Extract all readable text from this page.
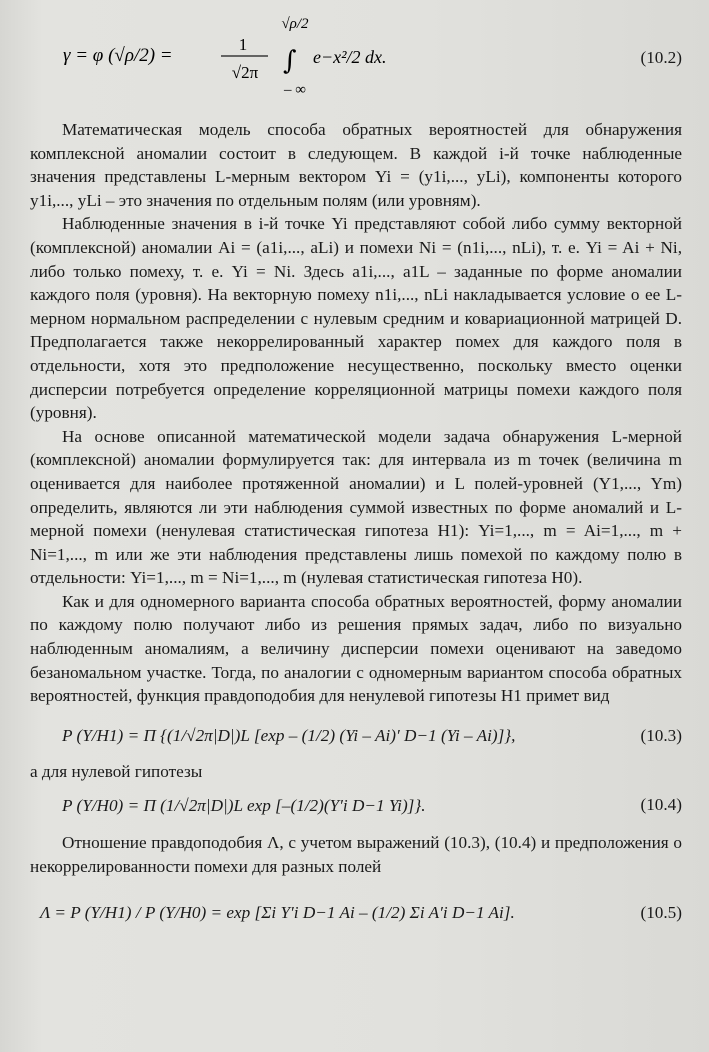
γ = φ (√ρ/2) =
1
√2π
√ρ/2
∫
– ∞
e−x²/2 dx.	(10.2)

Математическая модель способа обратных вероятностей для обнаружения комплексной аномалии состоит в следующем. В каждой i-й точке наблюденные значения представлены L-мерным вектором Yi = (y1i,..., yLi), компоненты которого y1i,..., yLi – это значения по отдельным полям (или уровням).

Наблюденные значения в i-й точке Yi представляют собой либо сумму векторной (комплексной) аномалии Ai = (a1i,..., aLi) и помехи Ni = (n1i,..., nLi), т. е. Yi = Ai + Ni, либо только помеху, т. е. Yi = Ni. Здесь a1i,..., a1L – заданные по форме аномалии каждого поля (уровня). На векторную помеху n1i,..., nLi накладывается условие о ее L-мерном нормальном распределении с нулевым средним и ковариационной матрицей D. Предполагается также некоррелированный характер помех для каждого поля в отдельности, хотя это предположение несущественно, поскольку вместо оценки дисперсии потребуется определение корреляционной матрицы помехи каждого поля (уровня).

На основе описанной математической модели задача обнаружения L-мерной (комплексной) аномалии формулируется так: для интервала из m точек (величина m оценивается для наиболее протяженной аномалии) и L полей-уровней (Y1,..., Ym) определить, являются ли эти наблюдения суммой известных по форме аномалий и L-мерной помехи (ненулевая статистическая гипотеза H1): Yi=1,..., m = Ai=1,..., m + Ni=1,..., m или же эти наблюдения представлены лишь помехой по каждому полю в отдельности: Yi=1,..., m = Ni=1,..., m (нулевая статистическая гипотеза H0).

Как и для одномерного варианта способа обратных вероятностей, форму аномалии по каждому полю получают либо из решения прямых задач, либо по визуально наблюденным аномалиям, а величину дисперсии помехи оценивают на заведомо безаномальном участке. Тогда, по аналогии с одномерным вариантом способа обратных вероятностей, функция правдоподобия для ненулевой гипотезы H1 примет вид

P (Y/H1) = Π {(1/√2π|D|)L [exp – (1/2) (Yi – Ai)′ D−1 (Yi – Ai)]},	(10.3)

а для нулевой гипотезы

P (Y/H0) = Π (1/√2π|D|)L exp [–(1/2)(Y′i D−1 Yi)]}.	(10.4)

Отношение правдоподобия Λ, с учетом выражений (10.3), (10.4) и предположения о некоррелированности помехи для разных полей

Λ = P (Y/H1) / P (Y/H0) = exp [Σi Y′i D−1 Ai – (1/2) Σi A′i D−1 Ai].	(10.5)
